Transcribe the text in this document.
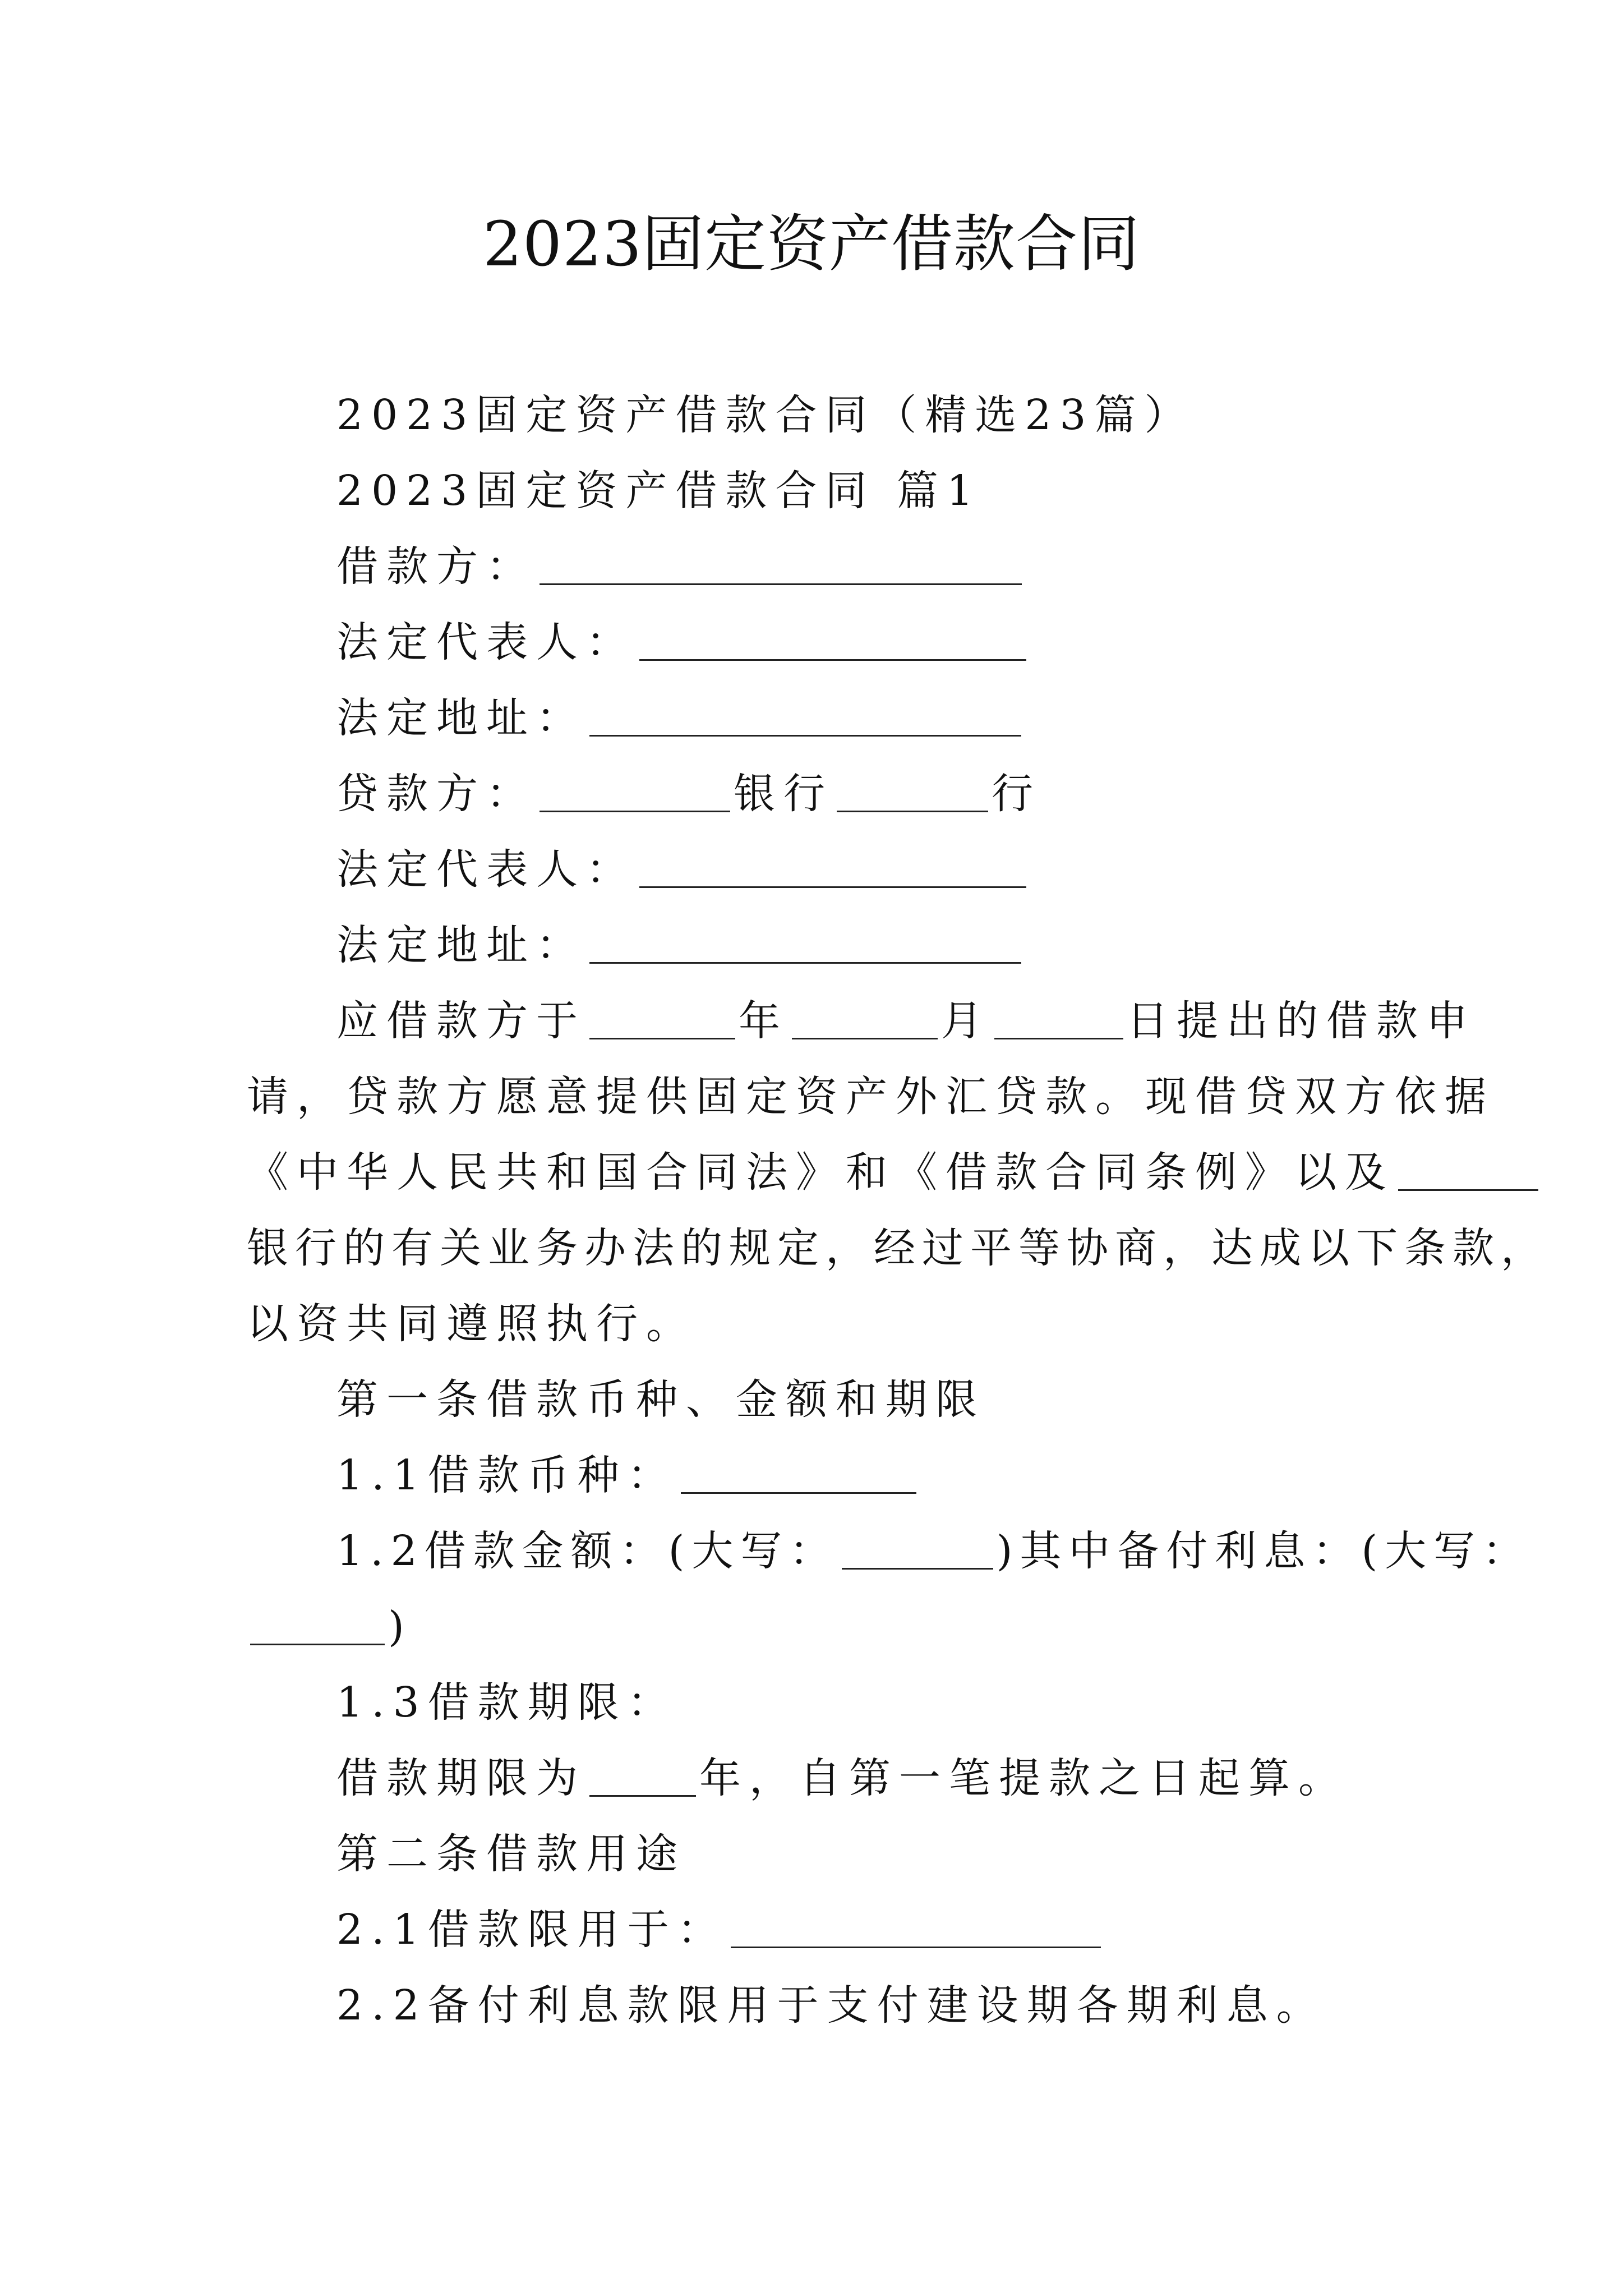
2023固定资产借款合同
2023固定资产借款合同（精选23篇）
2023固定资产借款合同 篇1
借款方：
法定代表人：
法定地址：
贷款方：	银行	行
法定代表人：
法定地址：
应借款方于	年	月	日提出的借款申
请，贷款方愿意提供固定资产外汇贷款。现借贷双方依据
《中华人民共和国合同法》和《借款合同条例》以及
银行的有关业务办法的规定，经过平等协商，达成以下条款，
以资共同遵照执行。
第一条借款币种、金额和期限
1.1借款币种：
1.2借款金额：(大写：	)其中备付利息：(大写：
)
1.3借款期限：
借款期限为	年，自第一笔提款之日起算。
第二条借款用途
2.1借款限用于：
2.2备付利息款限用于支付建设期各期利息。
